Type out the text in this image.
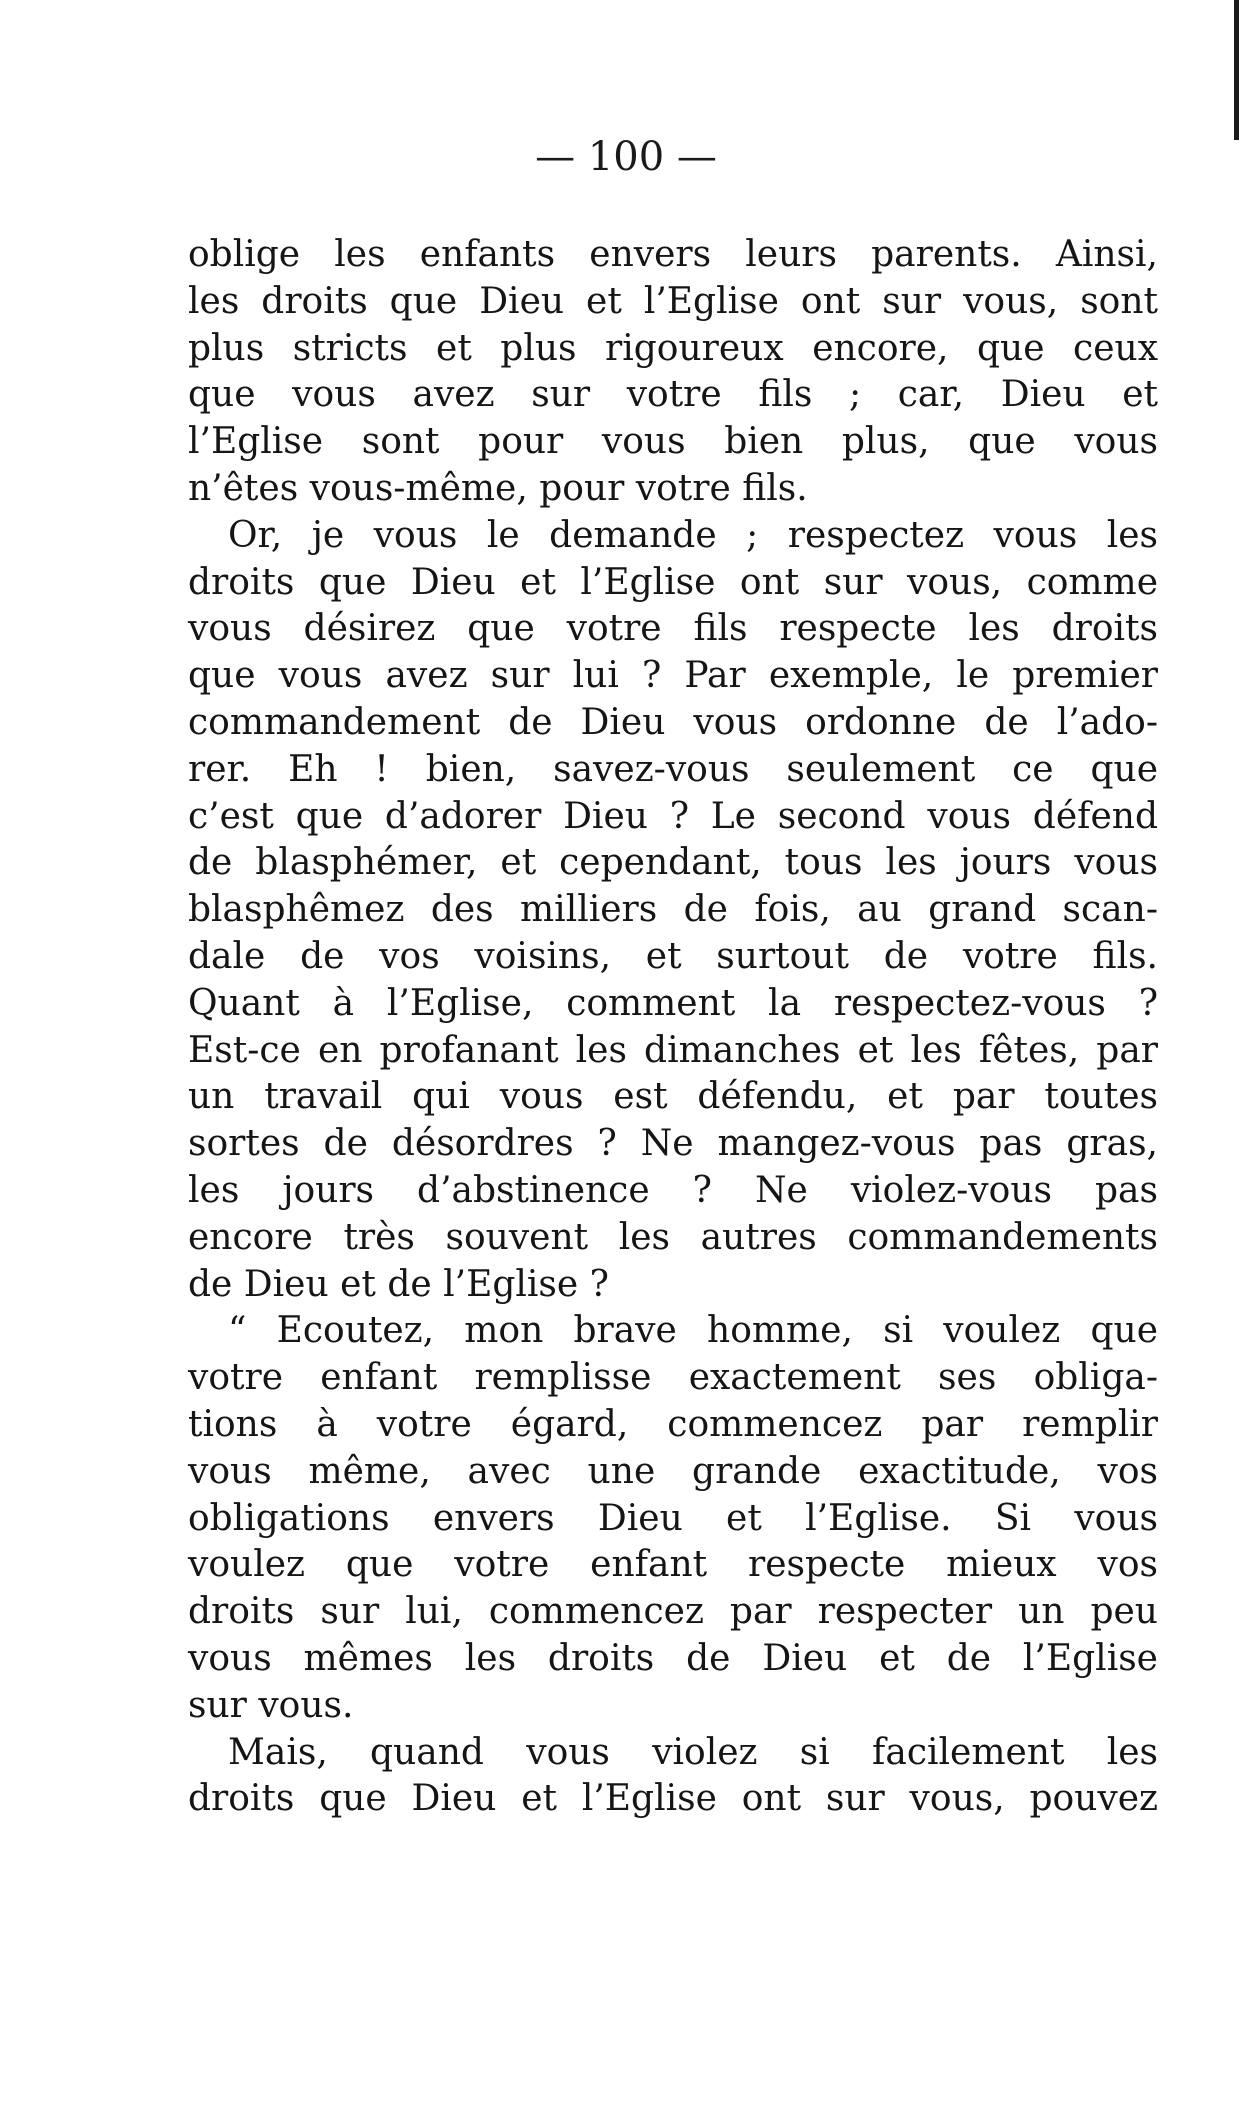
— 100 —
oblige les enfants envers leurs parents. Ainsi,
les droits que Dieu et l’Eglise ont sur vous, sont
plus stricts et plus rigoureux encore, que ceux
que vous avez sur votre fils ; car, Dieu et
l’Eglise sont pour vous bien plus, que vous
n’êtes vous-même, pour votre fils.
Or, je vous le demande ; respectez vous les
droits que Dieu et l’Eglise ont sur vous, comme
vous désirez que votre fils respecte les droits
que vous avez sur lui ? Par exemple, le premier
commandement de Dieu vous ordonne de l’ado-
rer. Eh ! bien, savez-vous seulement ce que
c’est que d’adorer Dieu ? Le second vous défend
de blasphémer, et cependant, tous les jours vous
blasphêmez des milliers de fois, au grand scan-
dale de vos voisins, et surtout de votre fils.
Quant à l’Eglise, comment la respectez-vous ?
Est-ce en profanant les dimanches et les fêtes, par
un travail qui vous est défendu, et par toutes
sortes de désordres ? Ne mangez-vous pas gras,
les jours d’abstinence ? Ne violez-vous pas
encore très souvent les autres commandements
de Dieu et de l’Eglise ?
“ Ecoutez, mon brave homme, si voulez que
votre enfant remplisse exactement ses obliga-
tions à votre égard, commencez par remplir
vous même, avec une grande exactitude, vos
obligations envers Dieu et l’Eglise. Si vous
voulez que votre enfant respecte mieux vos
droits sur lui, commencez par respecter un peu
vous mêmes les droits de Dieu et de l’Eglise
sur vous.
Mais, quand vous violez si facilement les
droits que Dieu et l’Eglise ont sur vous, pouvez
